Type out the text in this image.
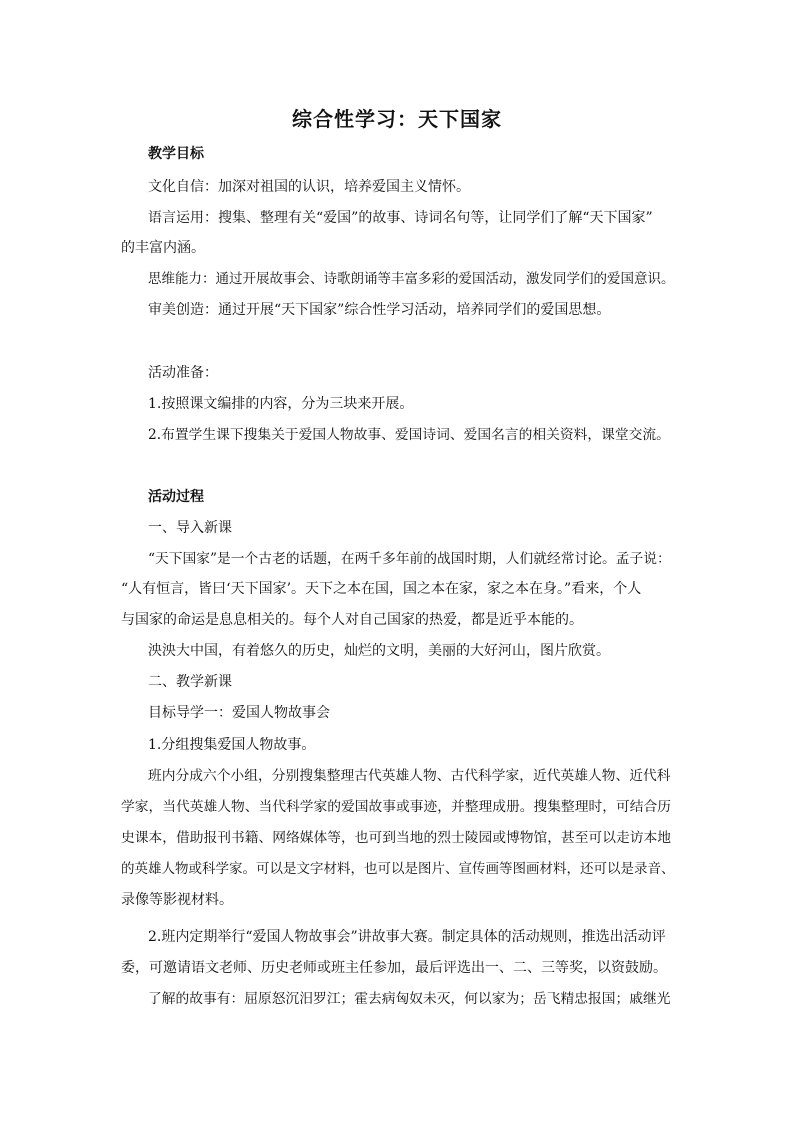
综合性学习：天下国家
教学目标
文化自信：加深对祖国的认识，培养爱国主义情怀。
语言运用：搜集、整理有关“爱国”的故事、诗词名句等，让同学们了解“天下国家”
的丰富内涵。
思维能力：通过开展故事会、诗歌朗诵等丰富多彩的爱国活动，激发同学们的爱国意识。
审美创造：通过开展“天下国家”综合性学习活动，培养同学们的爱国思想。
活动准备：
1.按照课文编排的内容，分为三块来开展。
2.布置学生课下搜集关于爱国人物故事、爱国诗词、爱国名言的相关资料，课堂交流。
活动过程
一、导入新课
“天下国家”是一个古老的话题，在两千多年前的战国时期，人们就经常讨论。孟子说：
“人有恒言，皆曰‘天下国家’。天下之本在国，国之本在家，家之本在身。”看来，个人
与国家的命运是息息相关的。每个人对自己国家的热爱，都是近乎本能的。
泱泱大中国，有着悠久的历史，灿烂的文明，美丽的大好河山，图片欣赏。
二、教学新课
目标导学一：爱国人物故事会
1.分组搜集爱国人物故事。
班内分成六个小组，分别搜集整理古代英雄人物、古代科学家，近代英雄人物、近代科
学家，当代英雄人物、当代科学家的爱国故事或事迹，并整理成册。搜集整理时，可结合历
史课本，借助报刊书籍、网络媒体等，也可到当地的烈士陵园或博物馆，甚至可以走访本地
的英雄人物或科学家。可以是文字材料，也可以是图片、宣传画等图画材料，还可以是录音、
录像等影视材料。
2.班内定期举行“爱国人物故事会”讲故事大赛。制定具体的活动规则，推选出活动评
委，可邀请语文老师、历史老师或班主任参加，最后评选出一、二、三等奖，以资鼓励。
了解的故事有：屈原怒沉汨罗江；霍去病匈奴未灭，何以家为；岳飞精忠报国；戚继光
